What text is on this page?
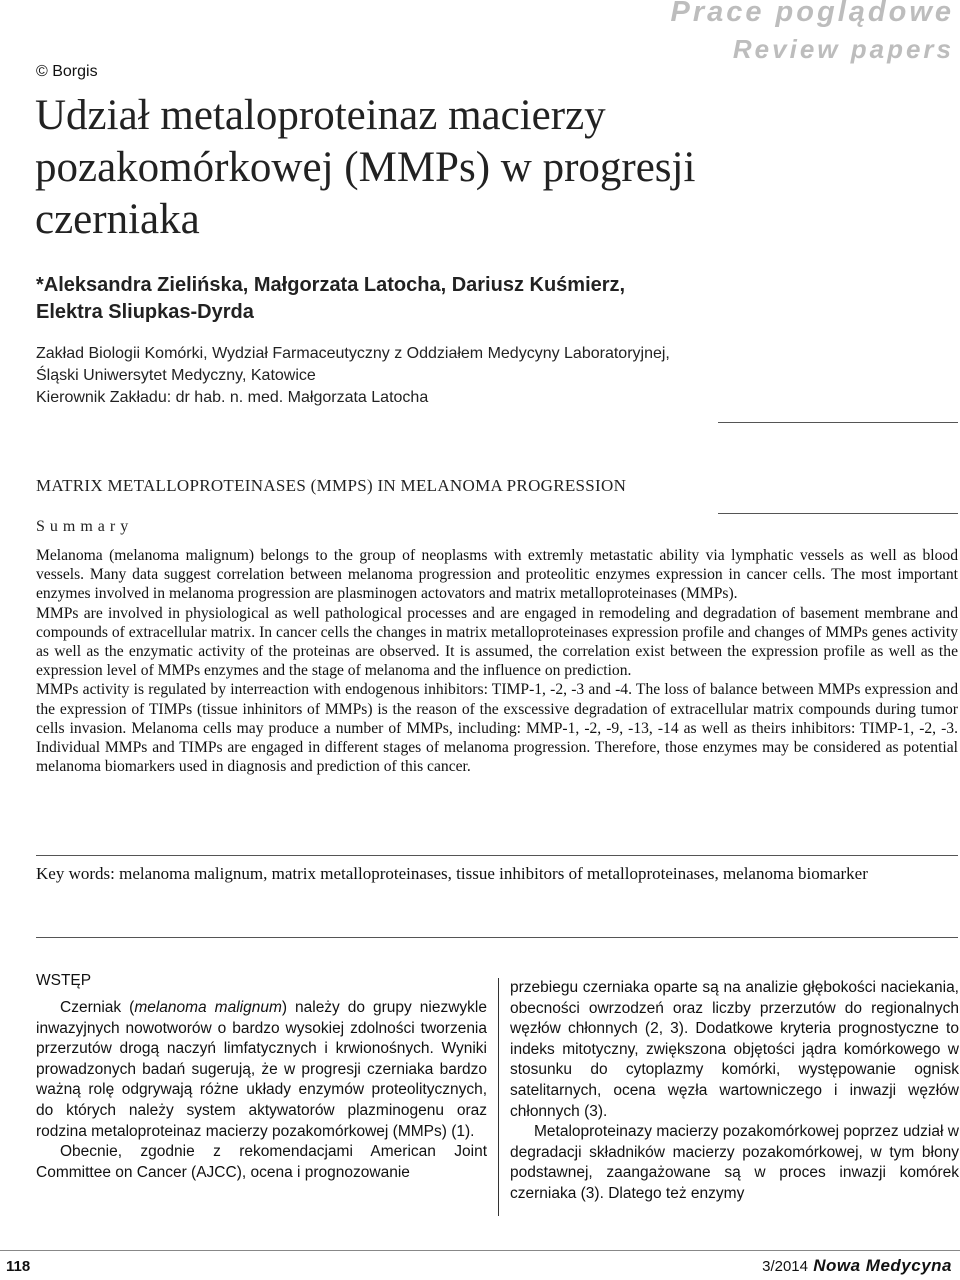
Prace poglądowe
Review papers
© Borgis
Udział metaloproteinaz macierzy pozakomórkowej (MMPs) w progresji czerniaka
*Aleksandra Zielińska, Małgorzata Latocha, Dariusz Kuśmierz,
Elektra Sliupkas-Dyrda
Zakład Biologii Komórki, Wydział Farmaceutyczny z Oddziałem Medycyny Laboratoryjnej,
Śląski Uniwersytet Medyczny, Katowice
Kierownik Zakładu: dr hab. n. med. Małgorzata Latocha
MATRIX METALLOPROTEINASES (MMPS) IN MELANOMA PROGRESSION
Summary

Melanoma (melanoma malignum) belongs to the group of neoplasms with extremly metastatic ability via lymphatic vessels as well as blood vessels. Many data suggest correlation between melanoma progression and proteolitic enzymes expression in cancer cells. The most important enzymes involved in melanoma progression are plasminogen actovators and matrix metalloproteinases (MMPs).

MMPs are involved in physiological as well pathological processes and are engaged in remodeling and degradation of basement membrane and compounds of extracellular matrix. In cancer cells the changes in matrix metalloproteinases expression profile and changes of MMPs genes activity as well as the enzymatic activity of the proteinas are observed. It is assumed, the correlation exist between the expression profile as well as the expression level of MMPs enzymes and the stage of melanoma and the influence on prediction.

MMPs activity is regulated by interreaction with endogenous inhibitors: TIMP-1, -2, -3 and -4. The loss of balance between MMPs expression and the expression of TIMPs (tissue inhinitors of MMPs) is the reason of the exscessive degradation of extracellular matrix compounds during tumor cells invasion. Melanoma cells may produce a number of MMPs, including: MMP-1, -2, -9, -13, -14 as well as theirs inhibitors: TIMP-1, -2, -3. Individual MMPs and TIMPs are engaged in different stages of melanoma progression. Therefore, those enzymes may be considered as potential melanoma biomarkers used in diagnosis and prediction of this cancer.

Key words: melanoma malignum, matrix metalloproteinases, tissue inhibitors of metalloproteinases, melanoma biomarker
WSTĘP

Czerniak (melanoma malignum) należy do grupy niezwykle inwazyjnych nowotworów o bardzo wysokiej zdolności tworzenia przerzutów drogą naczyń limfatycznych i krwionośnych. Wyniki prowadzonych badań sugerują, że w progresji czerniaka bardzo ważną rolę odgrywają różne układy enzymów proteolitycznych, do których należy system aktywatorów plazminogenu oraz rodzina metaloproteinaz macierzy pozakomórkowej (MMPs) (1).

Obecnie, zgodnie z rekomendacjami American Joint Committee on Cancer (AJCC), ocena i prognozowanie

przebiegu czerniaka oparte są na analizie głębokości naciekania, obecności owrzodzeń oraz liczby przerzutów do regionalnych węzłów chłonnych (2, 3). Dodatkowe kryteria prognostyczne to indeks mitotyczny, zwiększona objętości jądra komórkowego w stosunku do cytoplazmy komórki, występowanie ognisk satelitarnych, ocena węzła wartowniczego i inwazji węzłów chłonnych (3).

Metaloproteinazy macierzy pozakomórkowej poprzez udział w degradacji składników macierzy pozakomórkowej, w tym błony podstawnej, zaangażowane są w proces inwazji komórek czerniaka (3). Dlatego też enzymy

118	3/2014 Nowa Medycyna
